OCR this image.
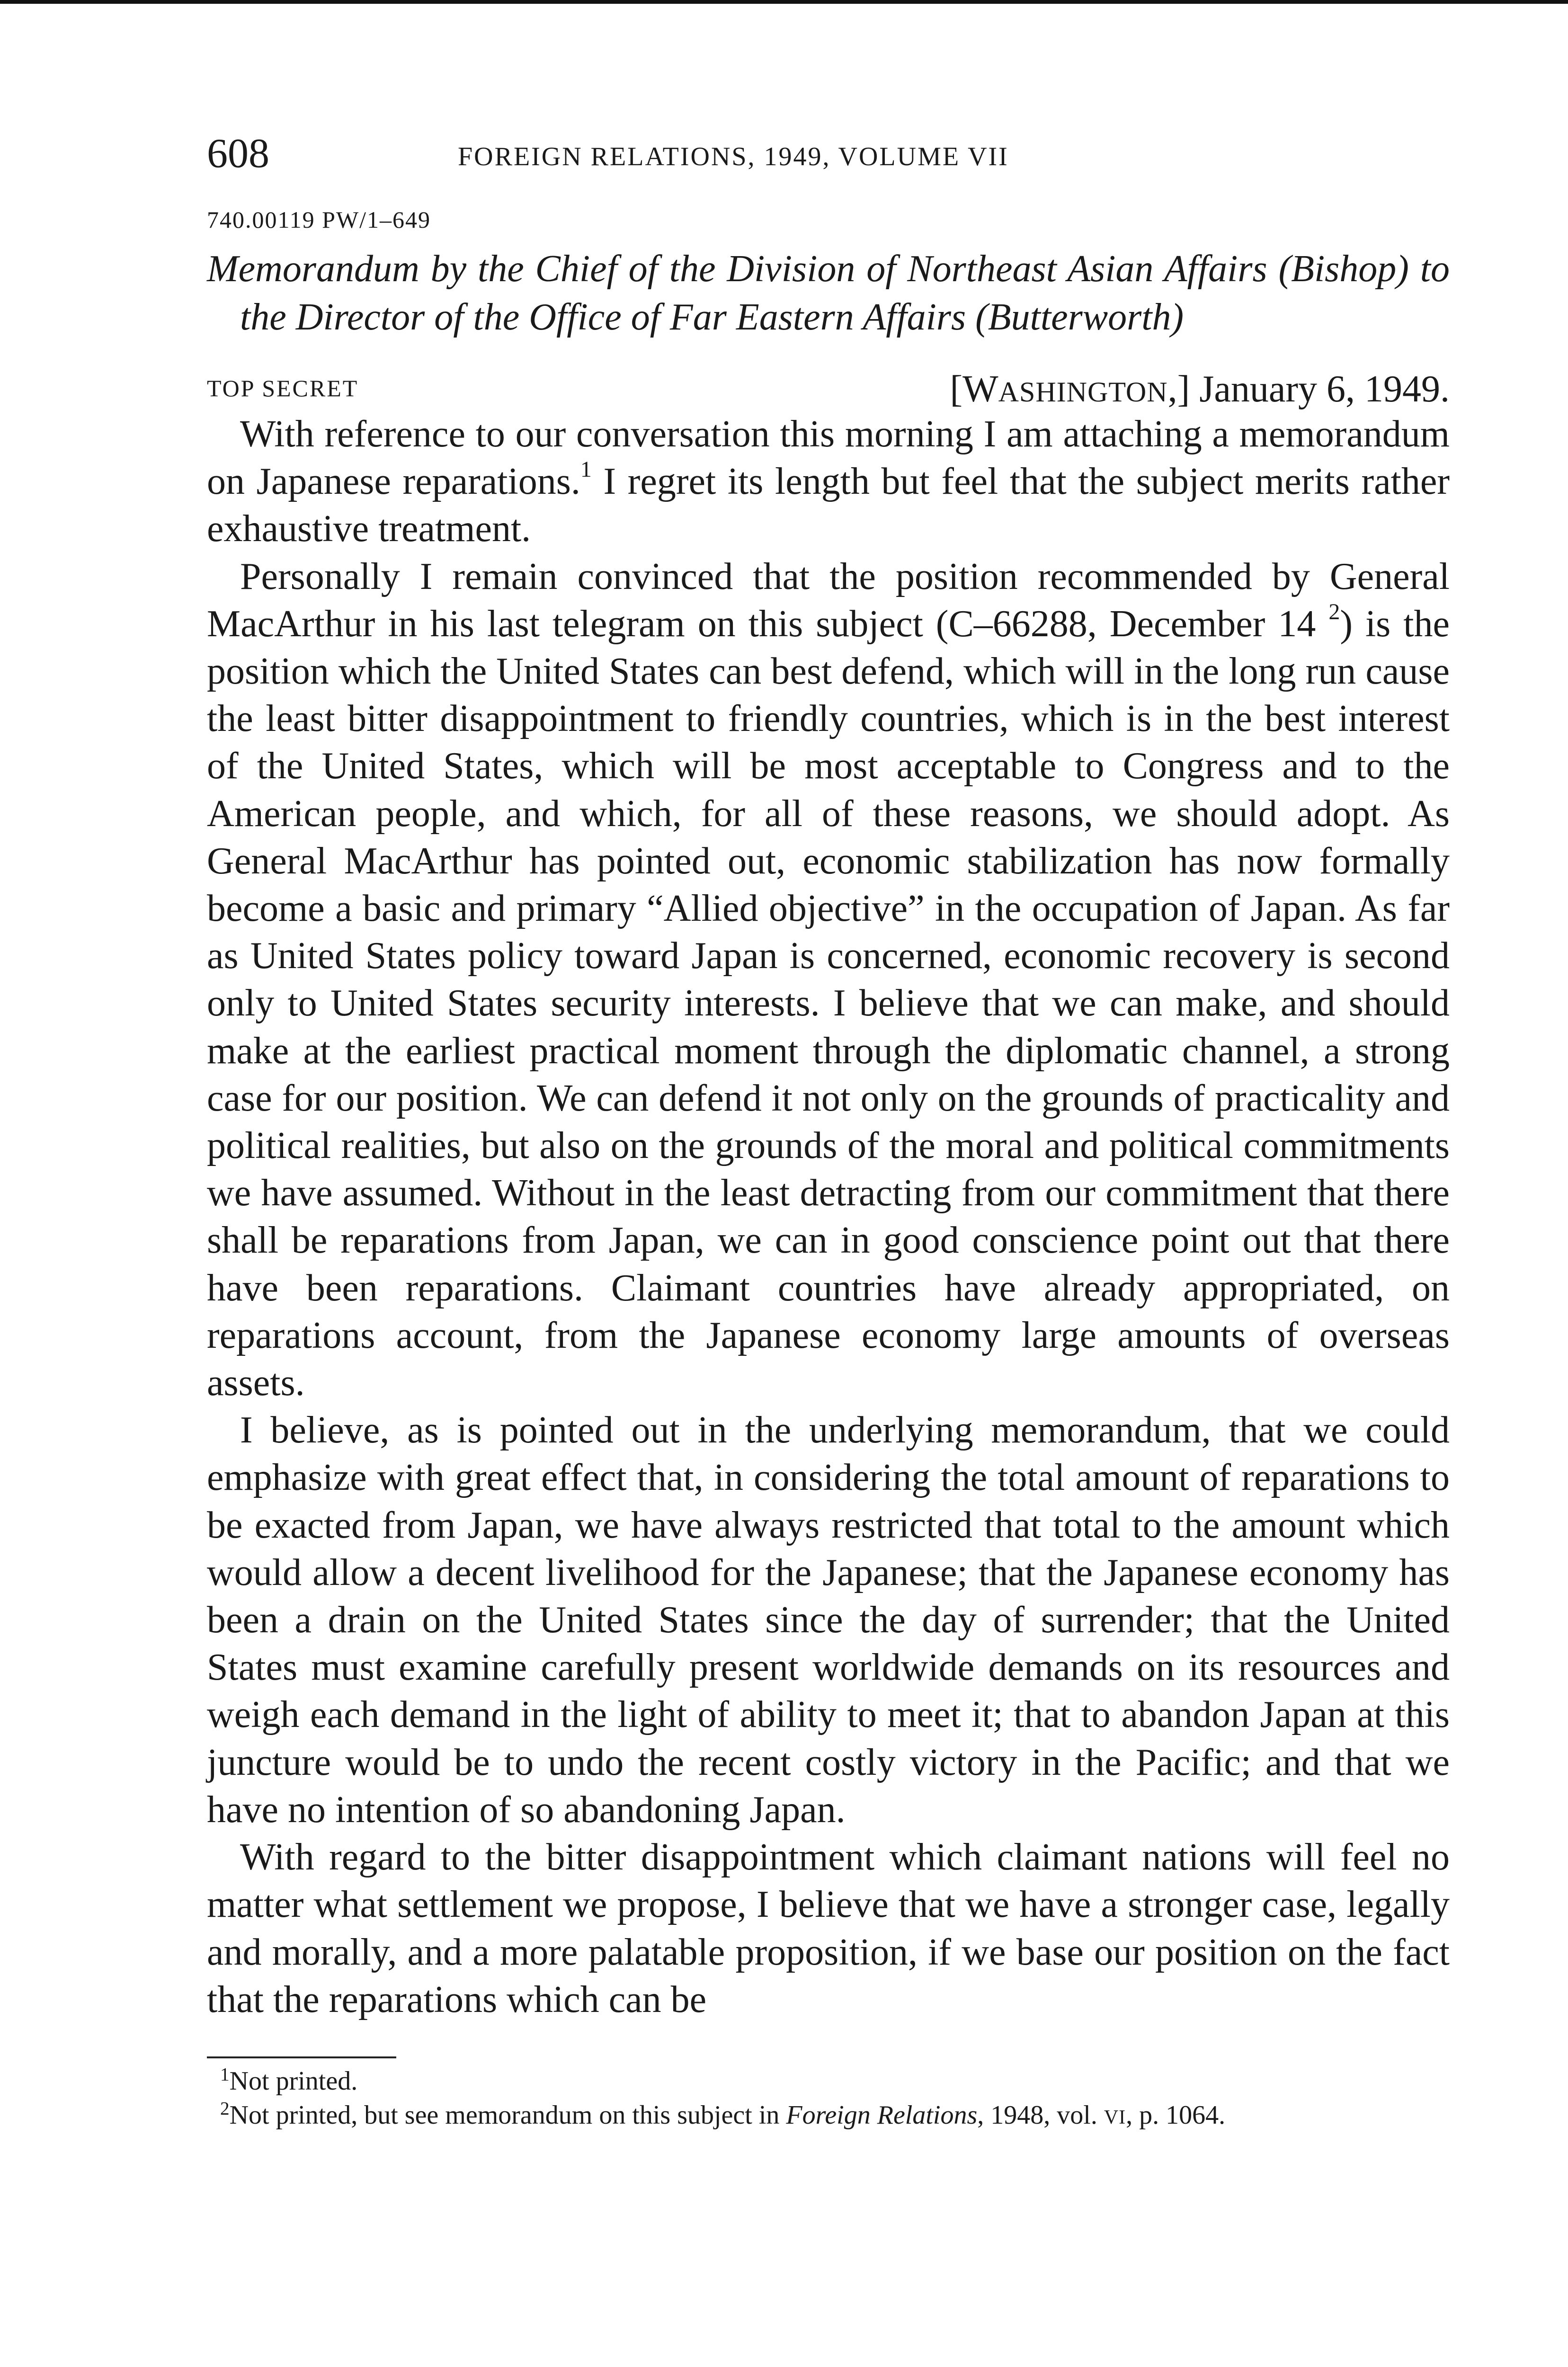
608	FOREIGN RELATIONS, 1949, VOLUME VII
740.00119 PW/1–649

Memorandum by the Chief of the Division of Northeast Asian Affairs (Bishop) to the Director of the Office of Far Eastern Affairs (Butterworth)

TOP SECRET	[WASHINGTON,] January 6, 1949.

With reference to our conversation this morning I am attaching a memorandum on Japanese reparations.$^1$ I regret its length but feel that the subject merits rather exhaustive treatment.

Personally I remain convinced that the position recommended by General MacArthur in his last telegram on this subject (C–66288, December 14 $^2$) is the position which the United States can best defend, which will in the long run cause the least bitter disappointment to friendly countries, which is in the best interest of the United States, which will be most acceptable to Congress and to the American people, and which, for all of these reasons, we should adopt. As General MacArthur has pointed out, economic stabilization has now formally become a basic and primary “Allied objective” in the occupation of Japan. As far as United States policy toward Japan is concerned, economic recovery is second only to United States security interests. I believe that we can make, and should make at the earliest practical moment through the diplomatic channel, a strong case for our position. We can defend it not only on the grounds of practicality and political realities, but also on the grounds of the moral and political commitments we have assumed. Without in the least detracting from our commitment that there shall be reparations from Japan, we can in good conscience point out that there have been reparations. Claimant countries have already appropriated, on reparations account, from the Japanese economy large amounts of overseas assets.

I believe, as is pointed out in the underlying memorandum, that we could emphasize with great effect that, in considering the total amount of reparations to be exacted from Japan, we have always restricted that total to the amount which would allow a decent livelihood for the Japanese; that the Japanese economy has been a drain on the United States since the day of surrender; that the United States must examine carefully present worldwide demands on its resources and weigh each demand in the light of ability to meet it; that to abandon Japan at this juncture would be to undo the recent costly victory in the Pacific; and that we have no intention of so abandoning Japan.

With regard to the bitter disappointment which claimant nations will feel no matter what settlement we propose, I believe that we have a stronger case, legally and morally, and a more palatable proposition, if we base our position on the fact that the reparations which can be

$^1$Not printed.

$^2$Not printed, but see memorandum on this subject in Foreign Relations, 1948, vol. VI, p. 1064.
